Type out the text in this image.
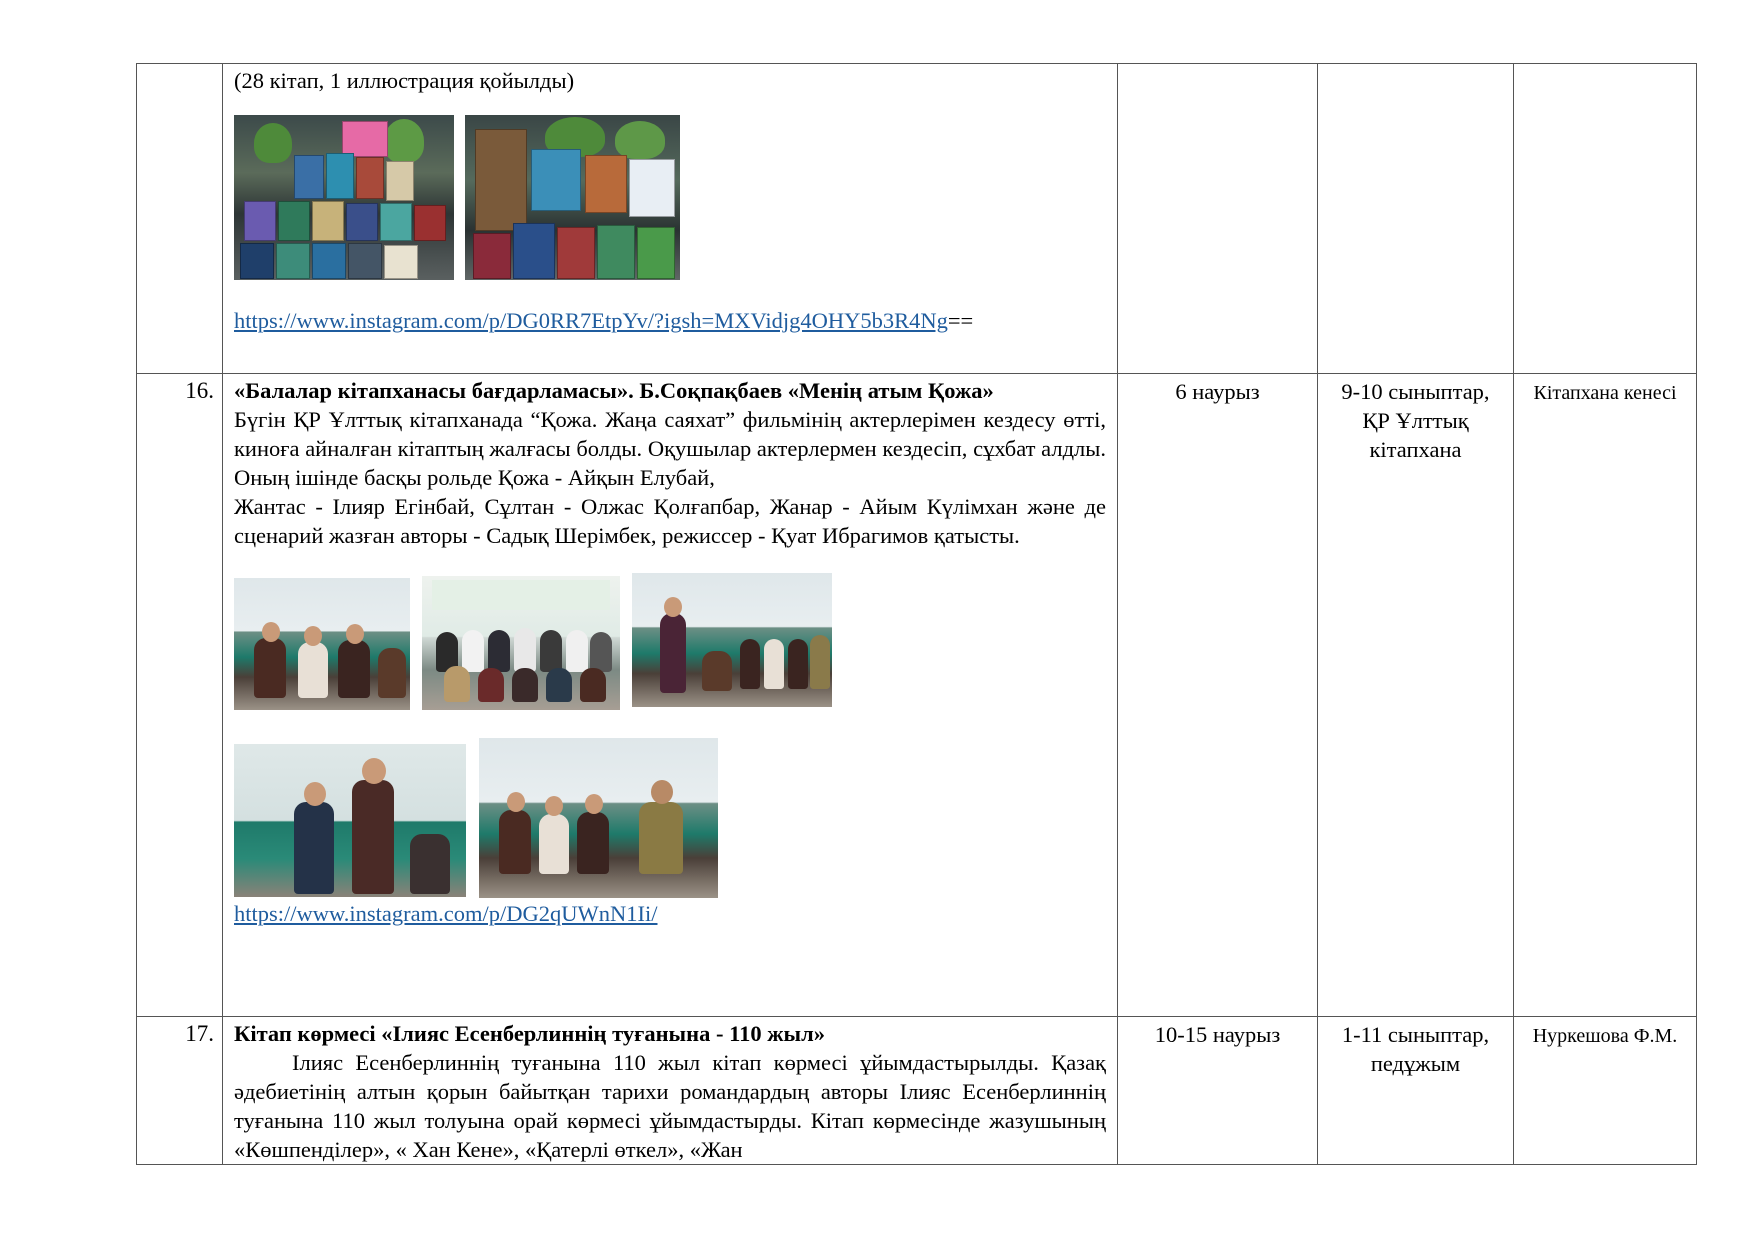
	(28 кітап, 1 иллюстрация қойылды)

https://www.instagram.com/p/DG0RR7EtpYv/?igsh=MXVidjg4OHY5b3R4Ng==			

16.	«Балалар кітапханасы бағдарламасы». Б.Соқпақбаев «Менің атым Қожа»

Бүгін ҚР Ұлттық кітапханада “Қожа. Жаңа саяхат” фильмінің актерлерімен кездесу өтті, киноға айналған кітаптың жалғасы болды. Оқушылар актерлермен кездесіп, сұхбат алдлы. Оның ішінде басқы рольде Қожа - Айқын Елубай,

Жантас - Ілияр Егінбай, Сұлтан - Олжас Қолғапбар, Жанар - Айым Күлімхан және де сценарий жазған авторы - Садық Шерімбек, режиссер - Қуат Ибрагимов қатысты.

https://www.instagram.com/p/DG2qUWnN1Ii/	6 наурыз	9-10 сыныптар, ҚР Ұлттық кітапхана	Кітапхана кенесі
17.	Кітап көрмесі «Ілияс Есенберлиннің туғанына - 110 жыл»

Ілияс Есенберлиннің туғанына 110 жыл кітап көрмесі ұйымдастырылды. Қазақ әдебиетінің алтын қорын байытқан тарихи романдардың авторы Ілияс Есенберлиннің туғанына 110 жыл толуына орай көрмесі ұйымдастырды. Кітап көрмесінде жазушының «Көшпенділер», « Хан Кене», «Қатерлі өткел», «Жан	10-15 наурыз	1-11 сыныптар, педұжым	Нуркешова Ф.М.
